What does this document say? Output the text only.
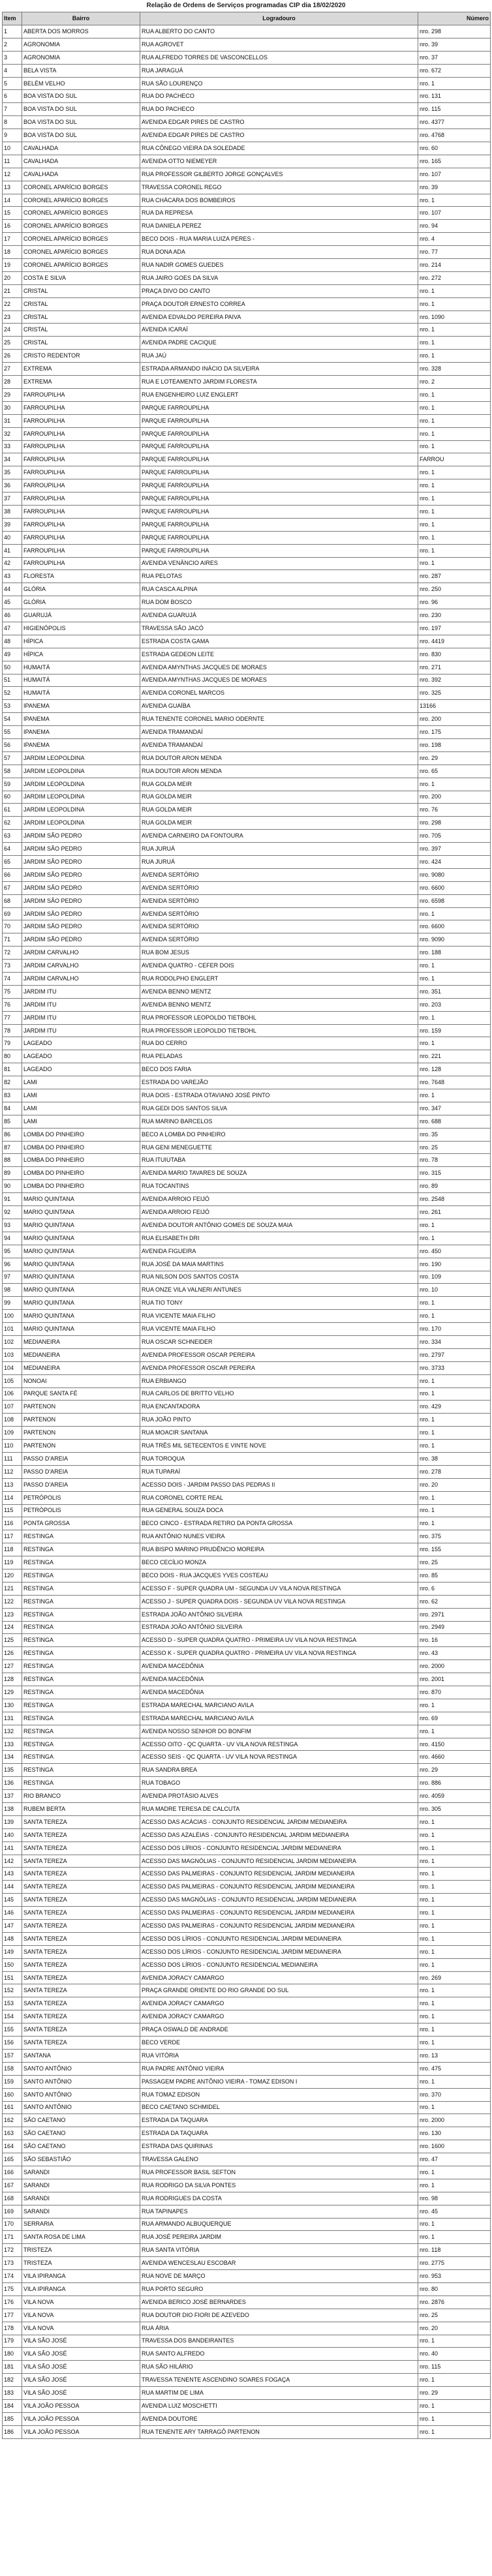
Relação de Ordens de Serviços programadas CIP dia 18/02/2020
Item	Bairro	Logradouro	Número
1	ABERTA DOS MORROS	RUA ALBERTO DO CANTO	nro. 298
2	AGRONOMIA	RUA AGROVET	nro. 39
3	AGRONOMIA	RUA ALFREDO TORRES DE VASCONCELLOS	nro. 37
4	BELA VISTA	RUA JARAGUÁ	nro. 672
5	BELÉM VELHO	RUA SÃO LOURENÇO	nro. 1
6	BOA VISTA DO SUL	RUA DO PACHECO	nro. 131
7	BOA VISTA DO SUL	RUA DO PACHECO	nro. 115
8	BOA VISTA DO SUL	AVENIDA EDGAR PIRES DE CASTRO	nro. 4377
9	BOA VISTA DO SUL	AVENIDA EDGAR PIRES DE CASTRO	nro. 4768
10	CAVALHADA	RUA CÔNEGO VIEIRA DA SOLEDADE	nro. 60
11	CAVALHADA	AVENIDA OTTO NIEMEYER	nro. 165
12	CAVALHADA	RUA PROFESSOR GILBERTO JORGE GONÇALVES	nro. 107
13	CORONEL APARÍCIO BORGES	TRAVESSA CORONEL REGO	nro. 39
14	CORONEL APARÍCIO BORGES	RUA CHÁCARA DOS BOMBEIROS	nro. 1
15	CORONEL APARÍCIO BORGES	RUA DA REPRESA	nro. 107
16	CORONEL APARÍCIO BORGES	RUA DANIELA PEREZ	nro. 94
17	CORONEL APARÍCIO BORGES	BECO DOIS - RUA MARIA LUIZA PERES -	nro. 4
18	CORONEL APARÍCIO BORGES	RUA DONA ADA	nro. 77
19	CORONEL APARÍCIO BORGES	RUA NADIR GOMES GUEDES	nro. 214
20	COSTA E SILVA	RUA JAIRO GOES DA SILVA	nro. 272
21	CRISTAL	PRAÇA DIVO DO CANTO	nro. 1
22	CRISTAL	PRAÇA DOUTOR ERNESTO CORREA	nro. 1
23	CRISTAL	AVENIDA EDVALDO PEREIRA PAIVA	nro. 1090
24	CRISTAL	AVENIDA ICARAÍ	nro. 1
25	CRISTAL	AVENIDA PADRE CACIQUE	nro. 1
26	CRISTO REDENTOR	RUA JAÚ	nro. 1
27	EXTREMA	ESTRADA ARMANDO INÁCIO DA SILVEIRA	nro. 328
28	EXTREMA	RUA E LOTEAMENTO JARDIM FLORESTA	nro. 2
29	FARROUPILHA	RUA ENGENHEIRO LUIZ ENGLERT	nro. 1
30	FARROUPILHA	PARQUE FARROUPILHA	nro. 1
31	FARROUPILHA	PARQUE FARROUPILHA	nro. 1
32	FARROUPILHA	PARQUE FARROUPILHA	nro. 1
33	FARROUPILHA	PARQUE FARROUPILHA	nro. 1
34	FARROUPILHA	PARQUE FARROUPILHA	FARROU
35	FARROUPILHA	PARQUE FARROUPILHA	nro. 1
36	FARROUPILHA	PARQUE FARROUPILHA	nro. 1
37	FARROUPILHA	PARQUE FARROUPILHA	nro. 1
38	FARROUPILHA	PARQUE FARROUPILHA	nro. 1
39	FARROUPILHA	PARQUE FARROUPILHA	nro. 1
40	FARROUPILHA	PARQUE FARROUPILHA	nro. 1
41	FARROUPILHA	PARQUE FARROUPILHA	nro. 1
42	FARROUPILHA	AVENIDA VENÂNCIO AIRES	nro. 1
43	FLORESTA	RUA PELOTAS	nro. 287
44	GLÓRIA	RUA CASCA ALPINA	nro. 250
45	GLÓRIA	RUA DOM BOSCO	nro. 96
46	GUARUJÁ	AVENIDA GUARUJÁ	nro. 230
47	HIGIENÓPOLIS	TRAVESSA SÃO JACÓ	nro. 197
48	HÍPICA	ESTRADA COSTA GAMA	nro. 4419
49	HÍPICA	ESTRADA GEDEON LEITE	nro. 830
50	HUMAITÁ	AVENIDA AMYNTHAS JACQUES DE MORAES	nro. 271
51	HUMAITÁ	AVENIDA AMYNTHAS JACQUES DE MORAES	nro. 392
52	HUMAITÁ	AVENIDA CORONEL MARCOS	nro. 325
53	IPANEMA	AVENIDA GUAÍBA	13166
54	IPANEMA	RUA TENENTE CORONEL MARIO ODERNTE	nro. 200
55	IPANEMA	AVENIDA TRAMANDAÍ	nro. 175
56	IPANEMA	AVENIDA TRAMANDAÍ	nro. 198
57	JARDIM LEOPOLDINA	RUA DOUTOR ARON MENDA	nro. 29
58	JARDIM LEOPOLDINA	RUA DOUTOR ARON MENDA	nro. 65
59	JARDIM LEOPOLDINA	RUA GOLDA MEIR	nro. 1
60	JARDIM LEOPOLDINA	RUA GOLDA MEIR	nro. 200
61	JARDIM LEOPOLDINA	RUA GOLDA MEIR	nro. 76
62	JARDIM LEOPOLDINA	RUA GOLDA MEIR	nro. 298
63	JARDIM SÃO PEDRO	AVENIDA CARNEIRO DA FONTOURA	nro. 705
64	JARDIM SÃO PEDRO	RUA JURUÁ	nro. 397
65	JARDIM SÃO PEDRO	RUA JURUÁ	nro. 424
66	JARDIM SÃO PEDRO	AVENIDA SERTÓRIO	nro. 9080
67	JARDIM SÃO PEDRO	AVENIDA SERTÓRIO	nro. 6600
68	JARDIM SÃO PEDRO	AVENIDA SERTÓRIO	nro. 6598
69	JARDIM SÃO PEDRO	AVENIDA SERTÓRIO	nro. 1
70	JARDIM SÃO PEDRO	AVENIDA SERTÓRIO	nro. 6600
71	JARDIM SÃO PEDRO	AVENIDA SERTÓRIO	nro. 9090
72	JARDIM CARVALHO	RUA BOM JESUS	nro. 188
73	JARDIM CARVALHO	AVENIDA QUATRO - CEFER DOIS	nro. 1
74	JARDIM CARVALHO	RUA RODOLPHO ENGLERT	nro. 1
75	JARDIM ITU	AVENIDA BENNO MENTZ	nro. 351
76	JARDIM ITU	AVENIDA BENNO MENTZ	nro. 203
77	JARDIM ITU	RUA PROFESSOR LEOPOLDO TIETBOHL	nro. 1
78	JARDIM ITU	RUA PROFESSOR LEOPOLDO TIETBOHL	nro. 159
79	LAGEADO	RUA DO CERRO	nro. 1
80	LAGEADO	RUA PELADAS	nro. 221
81	LAGEADO	BECO DOS FARIA	nro. 128
82	LAMI	ESTRADA DO VAREJÃO	nro. 7648
83	LAMI	RUA DOIS - ESTRADA OTAVIANO JOSÉ PINTO	nro. 1
84	LAMI	RUA GEDI DOS SANTOS SILVA	nro. 347
85	LAMI	RUA MARINO BARCELOS	nro. 688
86	LOMBA DO PINHEIRO	BECO A LOMBA DO PINHEIRO	nro. 35
87	LOMBA DO PINHEIRO	RUA GENI MENEGUETTE	nro. 25
88	LOMBA DO PINHEIRO	RUA ITUIUTABA	nro. 78
89	LOMBA DO PINHEIRO	AVENIDA MARIO TAVARES DE SOUZA	nro. 315
90	LOMBA DO PINHEIRO	RUA TOCANTINS	nro. 89
91	MARIO QUINTANA	AVENIDA ARROIO FEIJÓ	nro. 2548
92	MARIO QUINTANA	AVENIDA ARROIO FEIJÓ	nro. 261
93	MARIO QUINTANA	AVENIDA DOUTOR ANTÔNIO GOMES DE SOUZA MAIA	nro. 1
94	MARIO QUINTANA	RUA ELISABETH DRI	nro. 1
95	MARIO QUINTANA	AVENIDA FIGUEIRA	nro. 450
96	MARIO QUINTANA	RUA JOSÉ DA MAIA MARTINS	nro. 190
97	MARIO QUINTANA	RUA NILSON DOS SANTOS COSTA	nro. 109
98	MARIO QUINTANA	RUA ONZE VILA VALNERI ANTUNES	nro. 10
99	MARIO QUINTANA	RUA TIO TONY	nro. 1
100	MARIO QUINTANA	RUA VICENTE MAIA FILHO	nro. 1
101	MARIO QUINTANA	RUA VICENTE MAIA FILHO	nro. 170
102	MEDIANEIRA	RUA OSCAR SCHNEIDER	nro. 334
103	MEDIANEIRA	AVENIDA PROFESSOR OSCAR PEREIRA	nro. 2797
104	MEDIANEIRA	AVENIDA PROFESSOR OSCAR PEREIRA	nro. 3733
105	NONOAI	RUA ERBIANGO	nro. 1
106	PARQUE SANTA FÉ	RUA CARLOS DE BRITTO VELHO	nro. 1
107	PARTENON	RUA ENCANTADORA	nro. 429
108	PARTENON	RUA JOÃO PINTO	nro. 1
109	PARTENON	RUA MOACIR SANTANA	nro. 1
110	PARTENON	RUA TRÊS MIL SETECENTOS E VINTE NOVE	nro. 1
111	PASSO D'AREIA	RUA TOROQUA	nro. 38
112	PASSO D'AREIA	RUA TUPARAÍ	nro. 278
113	PASSO D'AREIA	ACESSO DOIS - JARDIM PASSO DAS PEDRAS II	nro. 20
114	PETRÓPOLIS	RUA CORONEL CORTE REAL	nro. 1
115	PETRÓPOLIS	RUA GENERAL SOUZA DOCA	nro. 1
116	PONTA GROSSA	BECO CINCO - ESTRADA RETIRO DA PONTA GROSSA	nro. 1
117	RESTINGA	RUA ANTÔNIO NUNES VIEIRA	nro. 375
118	RESTINGA	RUA BISPO MARINO PRUDÊNCIO MOREIRA	nro. 155
119	RESTINGA	BECO CECÍLIO MONZA	nro. 25
120	RESTINGA	BECO DOIS - RUA JACQUES YVES COSTEAU	nro. 85
121	RESTINGA	ACESSO F - SUPER QUADRA UM - SEGUNDA UV VILA NOVA RESTINGA	nro. 6
122	RESTINGA	ACESSO J - SUPER QUADRA DOIS - SEGUNDA UV VILA NOVA RESTINGA	nro. 62
123	RESTINGA	ESTRADA JOÃO ANTÔNIO SILVEIRA	nro. 2971
124	RESTINGA	ESTRADA JOÃO ANTÔNIO SILVEIRA	nro. 2949
125	RESTINGA	ACESSO D - SUPER QUADRA QUATRO - PRIMEIRA UV VILA NOVA RESTINGA	nro. 16
126	RESTINGA	ACESSO K - SUPER QUADRA QUATRO - PRIMEIRA UV VILA NOVA RESTINGA	nro. 43
127	RESTINGA	AVENIDA MACEDÔNIA	nro. 2000
128	RESTINGA	AVENIDA MACEDÔNIA	nro. 2001
129	RESTINGA	AVENIDA MACEDÔNIA	nro. 870
130	RESTINGA	ESTRADA MARECHAL MARCIANO AVILA	nro. 1
131	RESTINGA	ESTRADA MARECHAL MARCIANO AVILA	nro. 69
132	RESTINGA	AVENIDA NOSSO SENHOR DO BONFIM	nro. 1
133	RESTINGA	ACESSO OITO - QC QUARTA - UV VILA NOVA RESTINGA	nro. 4150
134	RESTINGA	ACESSO SEIS - QC QUARTA - UV VILA NOVA RESTINGA	nro. 4660
135	RESTINGA	RUA SANDRA BREA	nro. 29
136	RESTINGA	RUA TOBAGO	nro. 886
137	RIO BRANCO	AVENIDA PROTÁSIO ALVES	nro. 4059
138	RUBEM BERTA	RUA MADRE TERESA DE CALCUTA	nro. 305
139	SANTA TEREZA	ACESSO DAS ACÁCIAS - CONJUNTO RESIDENCIAL JARDIM MEDIANEIRA	nro. 1
140	SANTA TEREZA	ACESSO DAS AZALÉIAS - CONJUNTO RESIDENCIAL JARDIM MEDIANEIRA	nro. 1
141	SANTA TEREZA	ACESSO DOS LÍRIOS - CONJUNTO RESIDENCIAL JARDIM MEDIANEIRA	nro. 1
142	SANTA TEREZA	ACESSO DAS MAGNÓLIAS - CONJUNTO RESIDENCIAL JARDIM MEDIANEIRA	nro. 1
143	SANTA TEREZA	ACESSO DAS PALMEIRAS - CONJUNTO RESIDENCIAL JARDIM MEDIANEIRA	nro. 1
144	SANTA TEREZA	ACESSO DAS PALMEIRAS - CONJUNTO RESIDENCIAL JARDIM MEDIANEIRA	nro. 1
145	SANTA TEREZA	ACESSO DAS MAGNÓLIAS - CONJUNTO RESIDENCIAL JARDIM MEDIANEIRA	nro. 1
146	SANTA TEREZA	ACESSO DAS PALMEIRAS - CONJUNTO RESIDENCIAL JARDIM MEDIANEIRA	nro. 1
147	SANTA TEREZA	ACESSO DAS PALMEIRAS - CONJUNTO RESIDENCIAL JARDIM MEDIANEIRA	nro. 1
148	SANTA TEREZA	ACESSO DOS LÍRIOS - CONJUNTO RESIDENCIAL JARDIM MEDIANEIRA	nro. 1
149	SANTA TEREZA	ACESSO DOS LÍRIOS - CONJUNTO RESIDENCIAL JARDIM MEDIANEIRA	nro. 1
150	SANTA TEREZA	ACESSO DOS LÍRIOS - CONJUNTO RESIDENCIAL MEDIANEIRA	nro. 1
151	SANTA TEREZA	AVENIDA JORACY CAMARGO	nro. 269
152	SANTA TEREZA	PRAÇA GRANDE ORIENTE DO RIO GRANDE DO SUL	nro. 1
153	SANTA TEREZA	AVENIDA JORACY CAMARGO	nro. 1
154	SANTA TEREZA	AVENIDA JORACY CAMARGO	nro. 1
155	SANTA TEREZA	PRAÇA OSWALD DE ANDRADE	nro. 1
156	SANTA TEREZA	BECO VERDE	nro. 1
157	SANTANA	RUA VITÓRIA	nro. 13
158	SANTO ANTÔNIO	RUA PADRE ANTÔNIO VIEIRA	nro. 475
159	SANTO ANTÔNIO	PASSAGEM PADRE ANTÔNIO VIEIRA - TOMAZ EDISON I	nro. 1
160	SANTO ANTÔNIO	RUA TOMAZ EDISON	nro. 370
161	SANTO ANTÔNIO	BECO CAETANO SCHMIDEL	nro. 1
162	SÃO CAETANO	ESTRADA DA TAQUARA	nro. 2000
163	SÃO CAETANO	ESTRADA DA TAQUARA	nro. 130
164	SÃO CAETANO	ESTRADA DAS QUIRINAS	nro. 1600
165	SÃO SEBASTIÃO	TRAVESSA GALENO	nro. 47
166	SARANDI	RUA PROFESSOR BASIL SEFTON	nro. 1
167	SARANDI	RUA RODRIGO DA SILVA PONTES	nro. 1
168	SARANDI	RUA RODRIGUES DA COSTA	nro. 98
169	SARANDI	RUA TAPINAPES	nro. 45
170	SERRARIA	RUA ARMANDO ALBUQUERQUE	nro. 1
171	SANTA ROSA DE LIMA	RUA JOSÉ PEREIRA JARDIM	nro. 1
172	TRISTEZA	RUA SANTA VITÓRIA	nro. 118
173	TRISTEZA	AVENIDA WENCESLAU ESCOBAR	nro. 2775
174	VILA IPIRANGA	RUA NOVE DE MARÇO	nro. 953
175	VILA IPIRANGA	RUA PORTO SEGURO	nro. 80
176	VILA NOVA	AVENIDA BERICO JOSÉ BERNARDES	nro. 2876
177	VILA NOVA	RUA DOUTOR DIO FIORI DE AZEVEDO	nro. 25
178	VILA NOVA	RUA ÁRIA	nro. 20
179	VILA SÃO JOSÉ	TRAVESSA DOS BANDEIRANTES	nro. 1
180	VILA SÃO JOSÉ	RUA SANTO ALFREDO	nro. 40
181	VILA SÃO JOSÉ	RUA SÃO HILÁRIO	nro. 115
182	VILA SÃO JOSÉ	TRAVESSA TENENTE ASCENDINO SOARES FOGAÇA	nro. 1
183	VILA SÃO JOSÉ	RUA MARTIM DE LIMA	nro. 29
184	VILA JOÃO PESSOA	AVENIDA LUIZ MOSCHETTI	nro. 1
185	VILA JOÃO PESSOA	AVENIDA DOUTORE	nro. 1
186	VILA JOÃO PESSOA	RUA TENENTE ARY TARRAGÔ PARTENON	nro. 1
